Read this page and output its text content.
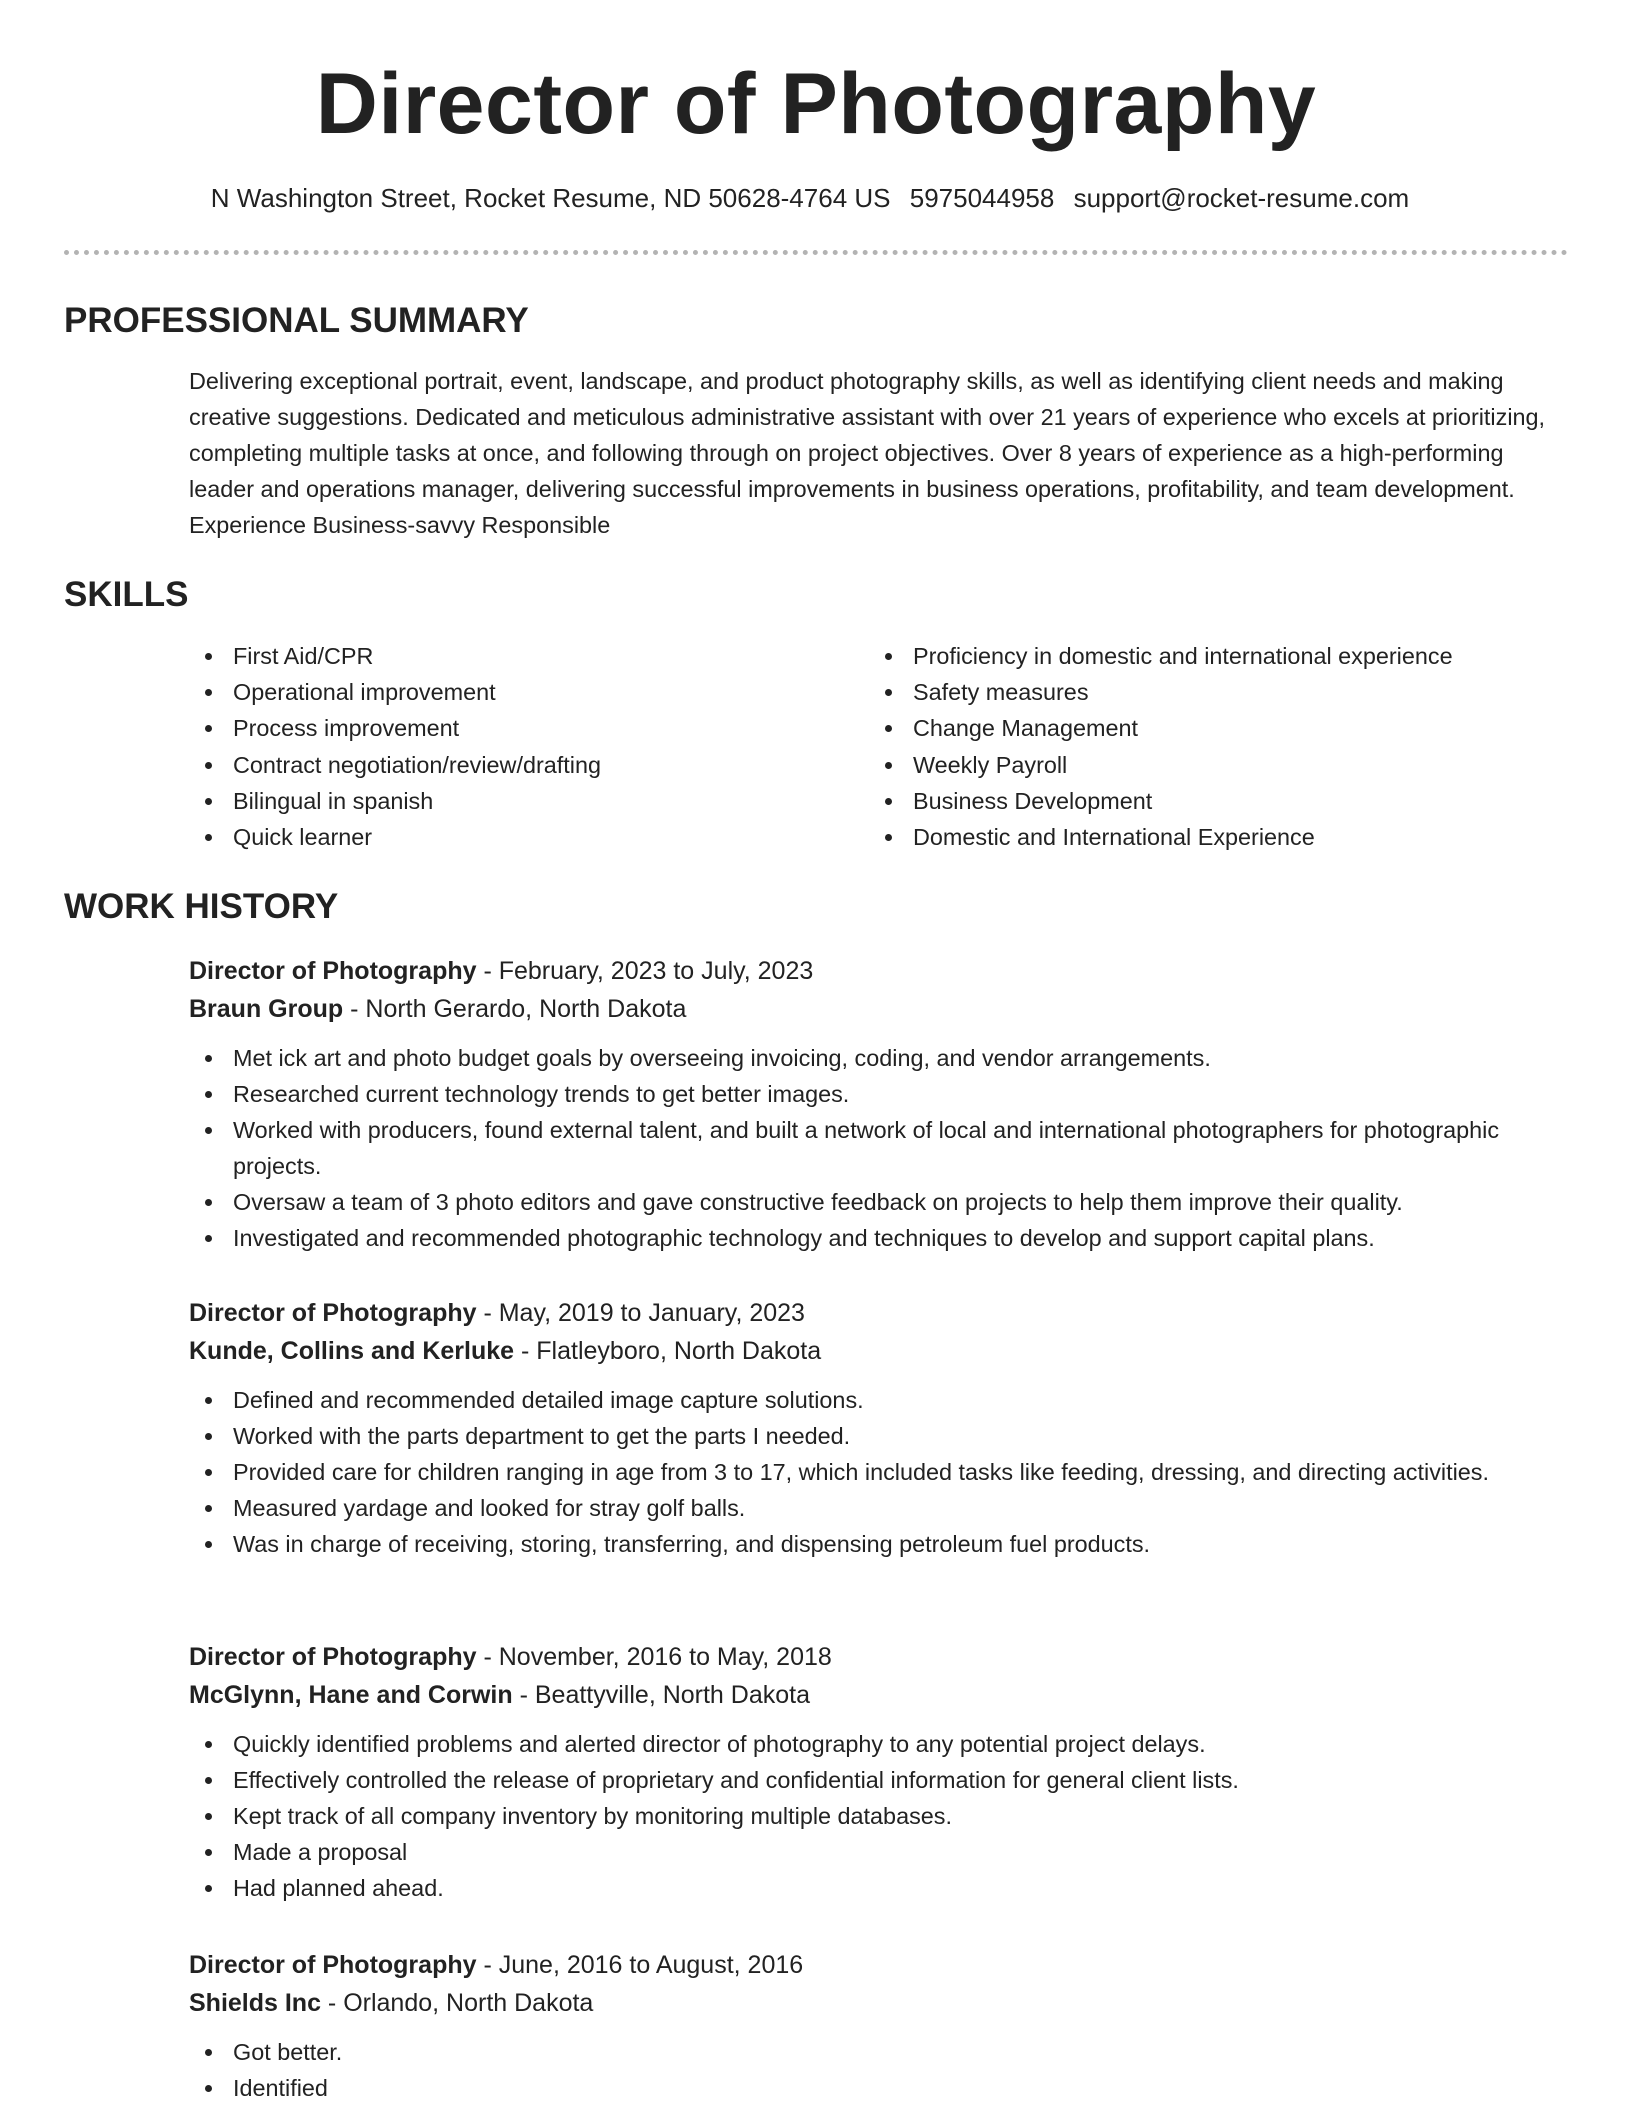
Director of Photography
N Washington Street, Rocket Resume, ND 50628-4764 US 5975044958 support@rocket-resume.com
PROFESSIONAL SUMMARY

Delivering exceptional portrait, event, landscape, and product photography skills, as well as identifying client needs and making creative suggestions. Dedicated and meticulous administrative assistant with over 21 years of experience who excels at prioritizing, completing multiple tasks at once, and following through on project objectives. Over 8 years of experience as a high-performing leader and operations manager, delivering successful improvements in business operations, profitability, and team development. Experience Business-savvy Responsible

SKILLS
First Aid/CPR
Operational improvement
Process improvement
Contract negotiation/review/drafting
Bilingual in spanish
Quick learner
Proficiency in domestic and international experience
Safety measures
Change Management
Weekly Payroll
Business Development
Domestic and International Experience
WORK HISTORY
Director of Photography - February, 2023 to July, 2023
Braun Group - North Gerardo, North Dakota
Met ick art and photo budget goals by overseeing invoicing, coding, and vendor arrangements.
Researched current technology trends to get better images.
Worked with producers, found external talent, and built a network of local and international photographers for photographic projects.
Oversaw a team of 3 photo editors and gave constructive feedback on projects to help them improve their quality.
Investigated and recommended photographic technology and techniques to develop and support capital plans.
Director of Photography - May, 2019 to January, 2023
Kunde, Collins and Kerluke - Flatleyboro, North Dakota
Defined and recommended detailed image capture solutions.
Worked with the parts department to get the parts I needed.
Provided care for children ranging in age from 3 to 17, which included tasks like feeding, dressing, and directing activities.
Measured yardage and looked for stray golf balls.
Was in charge of receiving, storing, transferring, and dispensing petroleum fuel products.
Director of Photography - November, 2016 to May, 2018
McGlynn, Hane and Corwin - Beattyville, North Dakota
Quickly identified problems and alerted director of photography to any potential project delays.
Effectively controlled the release of proprietary and confidential information for general client lists.
Kept track of all company inventory by monitoring multiple databases.
Made a proposal
Had planned ahead.
Director of Photography - June, 2016 to August, 2016
Shields Inc - Orlando, North Dakota
Got better.
Identified
